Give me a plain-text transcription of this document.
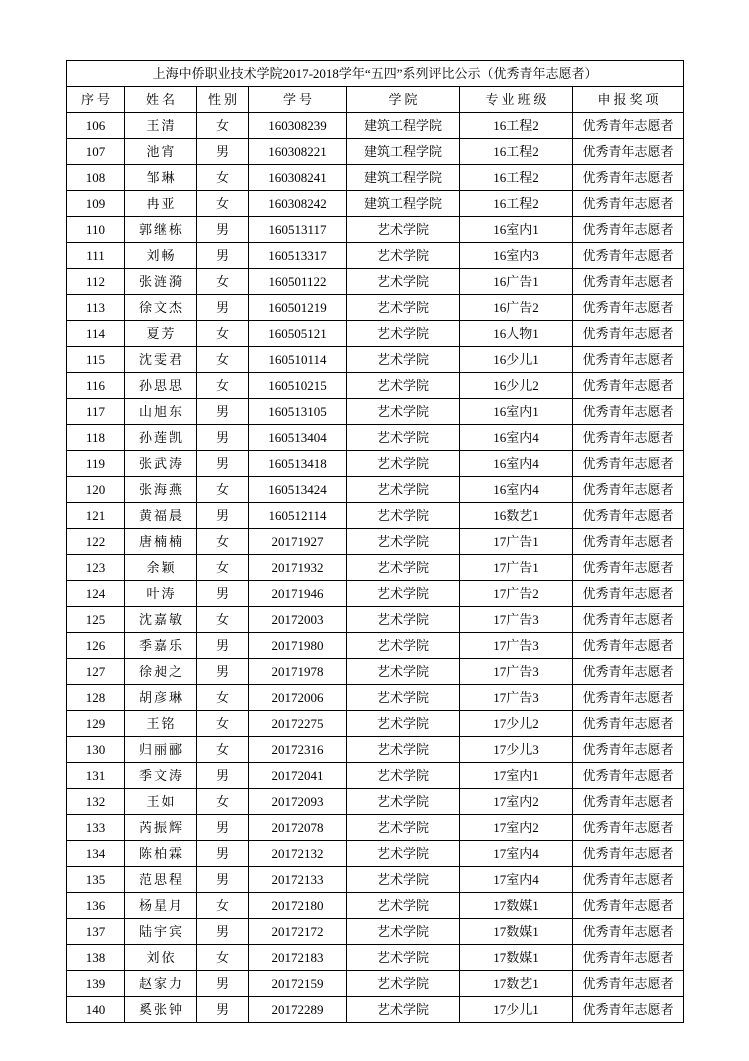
上海中侨职业技术学院2017-2018学年“五四”系列评比公示（优秀青年志愿者）						
序号	姓名	性别	学号	学院	专业班级	申报奖项
106	王清	女	160308239	建筑工程学院	16工程2	优秀青年志愿者
107	池宵	男	160308221	建筑工程学院	16工程2	优秀青年志愿者
108	邹琳	女	160308241	建筑工程学院	16工程2	优秀青年志愿者
109	冉亚	女	160308242	建筑工程学院	16工程2	优秀青年志愿者
110	郭继栋	男	160513117	艺术学院	16室内1	优秀青年志愿者
111	刘畅	男	160513317	艺术学院	16室内3	优秀青年志愿者
112	张涟漪	女	160501122	艺术学院	16广告1	优秀青年志愿者
113	徐文杰	男	160501219	艺术学院	16广告2	优秀青年志愿者
114	夏芳	女	160505121	艺术学院	16人物1	优秀青年志愿者
115	沈雯君	女	160510114	艺术学院	16少儿1	优秀青年志愿者
116	孙思思	女	160510215	艺术学院	16少儿2	优秀青年志愿者
117	山旭东	男	160513105	艺术学院	16室内1	优秀青年志愿者
118	孙莲凯	男	160513404	艺术学院	16室内4	优秀青年志愿者
119	张武涛	男	160513418	艺术学院	16室内4	优秀青年志愿者
120	张海燕	女	160513424	艺术学院	16室内4	优秀青年志愿者
121	黄福晨	男	160512114	艺术学院	16数艺1	优秀青年志愿者
122	唐楠楠	女	20171927	艺术学院	17广告1	优秀青年志愿者
123	余颖	女	20171932	艺术学院	17广告1	优秀青年志愿者
124	叶涛	男	20171946	艺术学院	17广告2	优秀青年志愿者
125	沈嘉敏	女	20172003	艺术学院	17广告3	优秀青年志愿者
126	季嘉乐	男	20171980	艺术学院	17广告3	优秀青年志愿者
127	徐昶之	男	20171978	艺术学院	17广告3	优秀青年志愿者
128	胡彦琳	女	20172006	艺术学院	17广告3	优秀青年志愿者
129	王铭	女	20172275	艺术学院	17少儿2	优秀青年志愿者
130	归丽郦	女	20172316	艺术学院	17少儿3	优秀青年志愿者
131	季文涛	男	20172041	艺术学院	17室内1	优秀青年志愿者
132	王如	女	20172093	艺术学院	17室内2	优秀青年志愿者
133	芮振辉	男	20172078	艺术学院	17室内2	优秀青年志愿者
134	陈柏霖	男	20172132	艺术学院	17室内4	优秀青年志愿者
135	范思程	男	20172133	艺术学院	17室内4	优秀青年志愿者
136	杨星月	女	20172180	艺术学院	17数媒1	优秀青年志愿者
137	陆宇宾	男	20172172	艺术学院	17数媒1	优秀青年志愿者
138	刘依	女	20172183	艺术学院	17数媒1	优秀青年志愿者
139	赵家力	男	20172159	艺术学院	17数艺1	优秀青年志愿者
140	奚张钟	男	20172289	艺术学院	17少儿1	优秀青年志愿者
